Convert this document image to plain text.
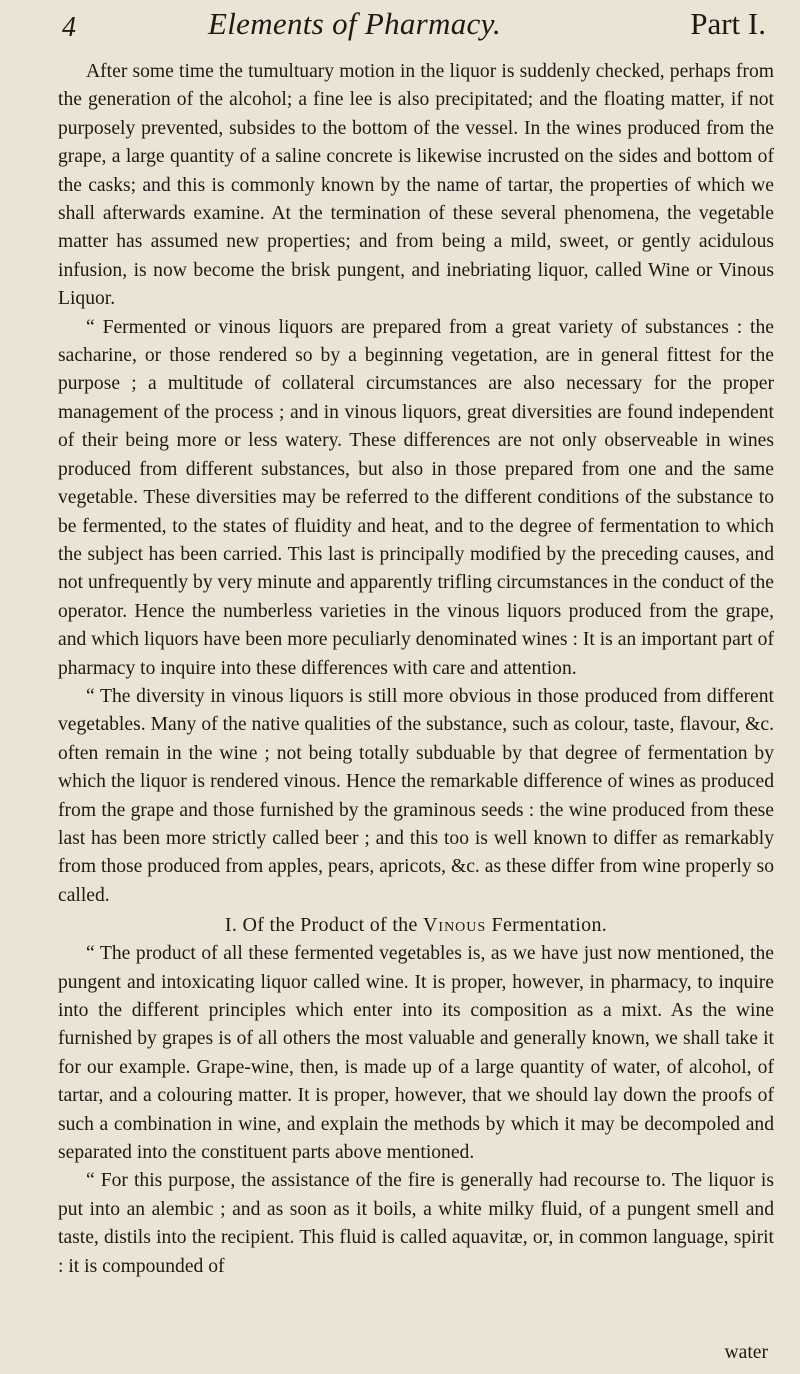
4	Elements of Pharmacy.	Part I.

After some time the tumultuary motion in the liquor is suddenly checked, perhaps from the generation of the alcohol; a fine lee is also precipitated; and the floating matter, if not purposely prevented, subsides to the bottom of the vessel. In the wines produced from the grape, a large quantity of a saline concrete is likewise incrusted on the sides and bottom of the casks; and this is commonly known by the name of tartar, the properties of which we shall afterwards examine. At the termination of these several phenomena, the vegetable matter has assumed new properties; and from being a mild, sweet, or gently acidulous infusion, is now become the brisk pungent, and inebriating liquor, called Wine or Vinous Liquor.

“ Fermented or vinous liquors are prepared from a great variety of substances : the sacharine, or those rendered so by a beginning vegetation, are in general fittest for the purpose ; a multitude of collateral circumstances are also necessary for the proper management of the process ; and in vinous liquors, great diversities are found independent of their being more or less watery. These differences are not only observeable in wines produced from different substances, but also in those prepared from one and the same vegetable. These diversities may be referred to the different conditions of the substance to be fermented, to the states of fluidity and heat, and to the degree of fermentation to which the subject has been carried. This last is principally modified by the preceding causes, and not unfrequently by very minute and apparently trifling circumstances in the conduct of the operator. Hence the numberless varieties in the vinous liquors produced from the grape, and which liquors have been more peculiarly denominated wines : It is an important part of pharmacy to inquire into these differences with care and attention.

“ The diversity in vinous liquors is still more obvious in those produced from different vegetables. Many of the native qualities of the substance, such as colour, taste, flavour, &c. often remain in the wine ; not being totally subduable by that degree of fermentation by which the liquor is rendered vinous. Hence the remarkable difference of wines as produced from the grape and those furnished by the graminous seeds : the wine produced from these last has been more strictly called beer ; and this too is well known to differ as remarkably from those produced from apples, pears, apricots, &c. as these differ from wine properly so called.

I. Of the Product of the Vinous Fermentation.

“ The product of all these fermented vegetables is, as we have just now mentioned, the pungent and intoxicating liquor called wine. It is proper, however, in pharmacy, to inquire into the different principles which enter into its composition as a mixt. As the wine furnished by grapes is of all others the most valuable and generally known, we shall take it for our example. Grape-wine, then, is made up of a large quantity of water, of alcohol, of tartar, and a colouring matter. It is proper, however, that we should lay down the proofs of such a combination in wine, and explain the methods by which it may be decompoled and separated into the constituent parts above mentioned.

“ For this purpose, the assistance of the fire is generally had recourse to. The liquor is put into an alembic ; and as soon as it boils, a white milky fluid, of a pungent smell and taste, distils into the recipient. This fluid is called aquavitæ, or, in common language, spirit : it is compounded of

water
